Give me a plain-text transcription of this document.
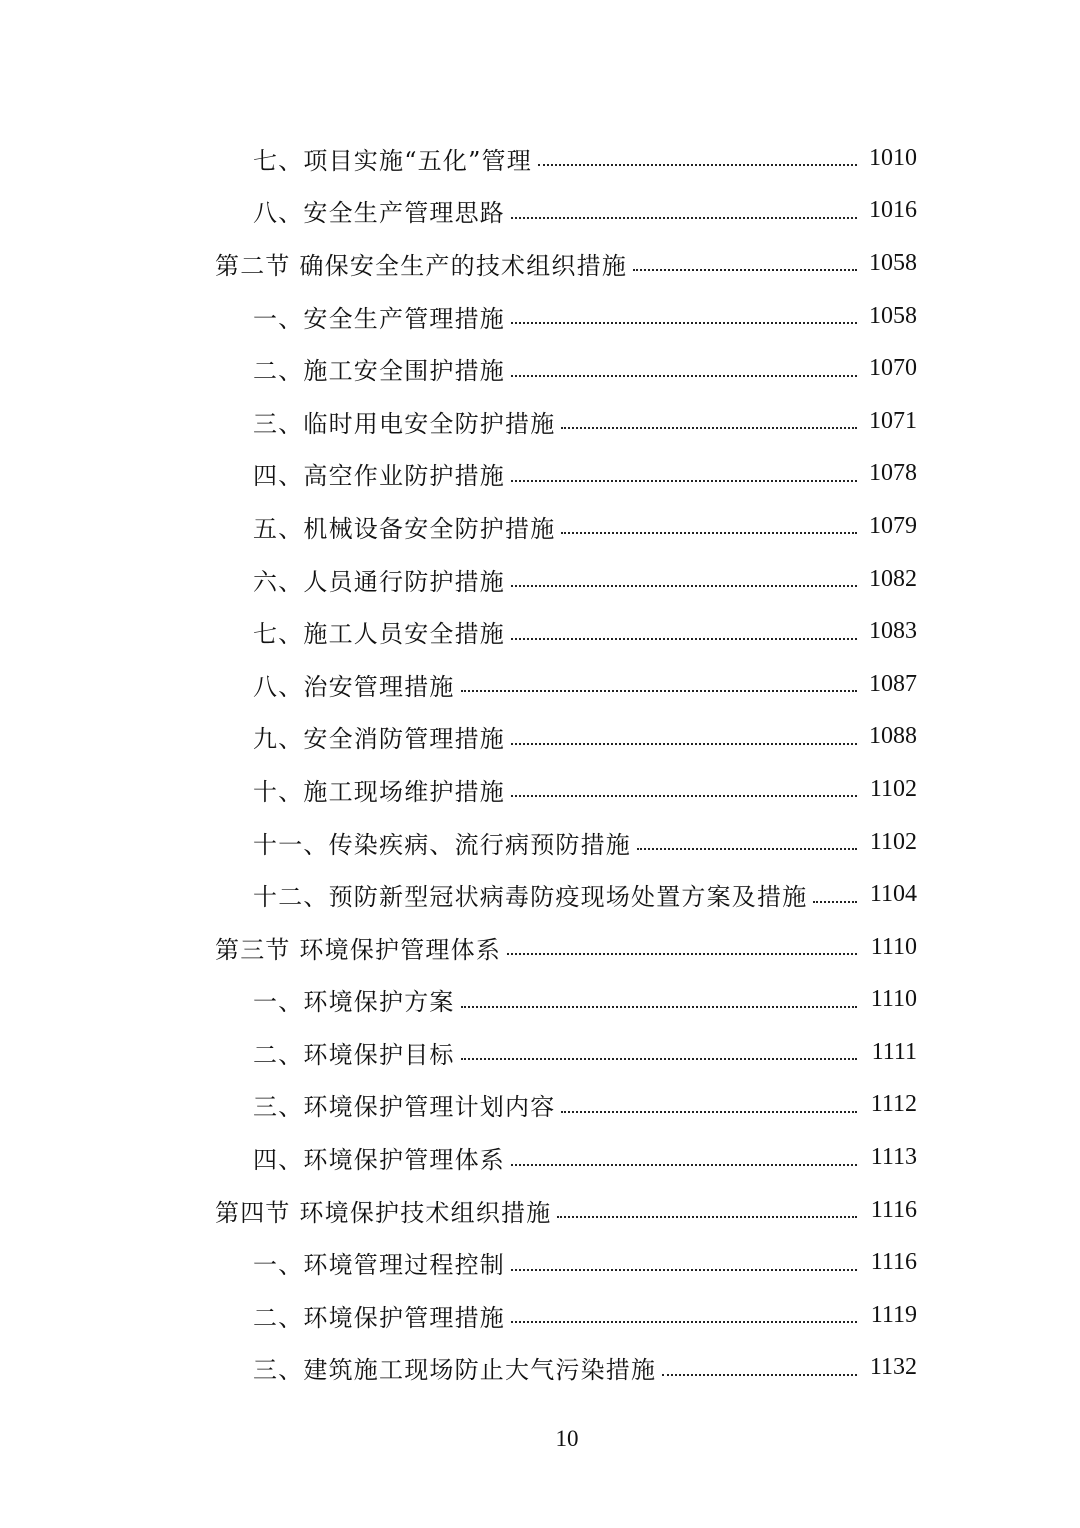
七、项目实施“五化”管理	1010
八、安全生产管理思路	1016
第二节 确保安全生产的技术组织措施	1058
一、安全生产管理措施	1058
二、施工安全围护措施	1070
三、临时用电安全防护措施	1071
四、高空作业防护措施	1078
五、机械设备安全防护措施	1079
六、人员通行防护措施	1082
七、施工人员安全措施	1083
八、治安管理措施	1087
九、安全消防管理措施	1088
十、施工现场维护措施	1102
十一、传染疾病、流行病预防措施	1102
十二、预防新型冠状病毒防疫现场处置方案及措施	1104
第三节 环境保护管理体系	1110
一、环境保护方案	1110
二、环境保护目标	1111
三、环境保护管理计划内容	1112
四、环境保护管理体系	1113
第四节 环境保护技术组织措施	1116
一、环境管理过程控制	1116
二、环境保护管理措施	1119
三、建筑施工现场防止大气污染措施	1132
10
